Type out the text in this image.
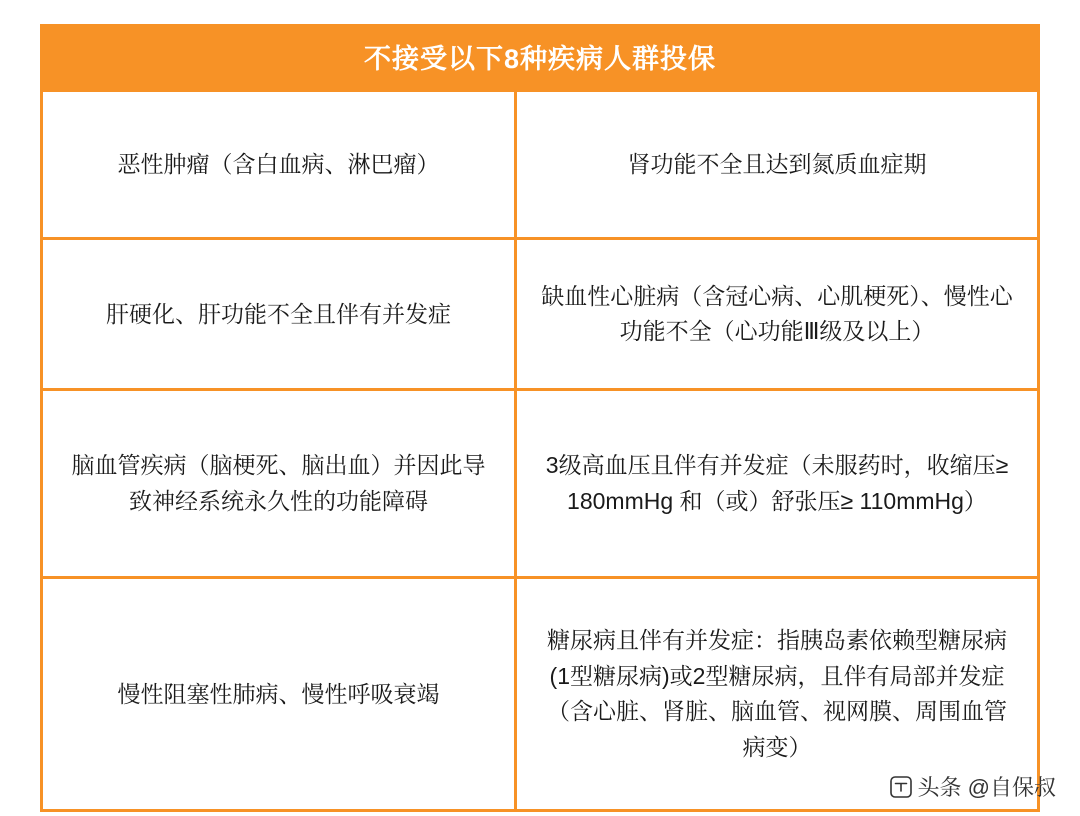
不接受以下8种疾病人群投保
恶性肿瘤（含白血病、淋巴瘤）	肾功能不全且达到氮质血症期
肝硬化、肝功能不全且伴有并发症
缺血性心脏病（含冠心病、心肌梗死）、慢性心功能不全（心功能Ⅲ级及以上）
脑血管疾病（脑梗死、脑出血）并因此导致神经系统永久性的功能障碍
3级高血压且伴有并发症（未服药时，收缩压≥ 180mmHg 和（或）舒张压≥ 110mmHg）
慢性阻塞性肺病、慢性呼吸衰竭
糖尿病且伴有并发症：指胰岛素依赖型糖尿病(1型糖尿病)或2型糖尿病，且伴有局部并发症（含心脏、肾脏、脑血管、视网膜、周围血管病变）
头条 @自保叔
